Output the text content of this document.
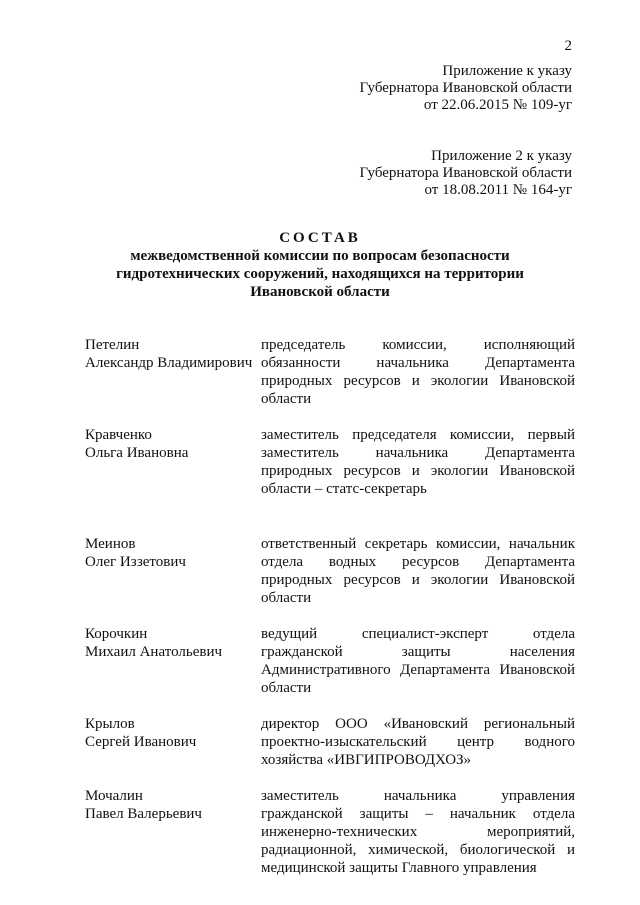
2
Приложение к указу
Губернатора Ивановской области
от 22.06.2015 № 109-уг
Приложение 2 к указу
Губернатора Ивановской области
от 18.08.2011 № 164-уг
СОСТАВ
межведомственной комиссии по вопросам безопасности
гидротехнических сооружений, находящихся на территории
Ивановской области
Петелин
Александр Владимирович
председатель комиссии, исполняющий обязанности начальника Департамента природных ресурсов и экологии Ивановской области
Кравченко
Ольга Ивановна
заместитель председателя комиссии, первый заместитель начальника Департамента природных ресурсов и экологии Ивановской области – статс-секретарь
Меинов
Олег Иззетович
ответственный секретарь комиссии, начальник отдела водных ресурсов Департамента природных ресурсов и экологии Ивановской области
Корочкин
Михаил Анатольевич
ведущий специалист-эксперт отдела гражданской защиты населения Административного Департамента Ивановской области
Крылов
Сергей Иванович
директор ООО «Ивановский региональный проектно-изыскательский центр водного хозяйства «ИВГИПРОВОДХОЗ»
Мочалин
Павел Валерьевич
заместитель начальника управления гражданской защиты – начальник отдела инженерно-технических мероприятий, радиационной, химической, биологической и медицинской защиты Главного управления
